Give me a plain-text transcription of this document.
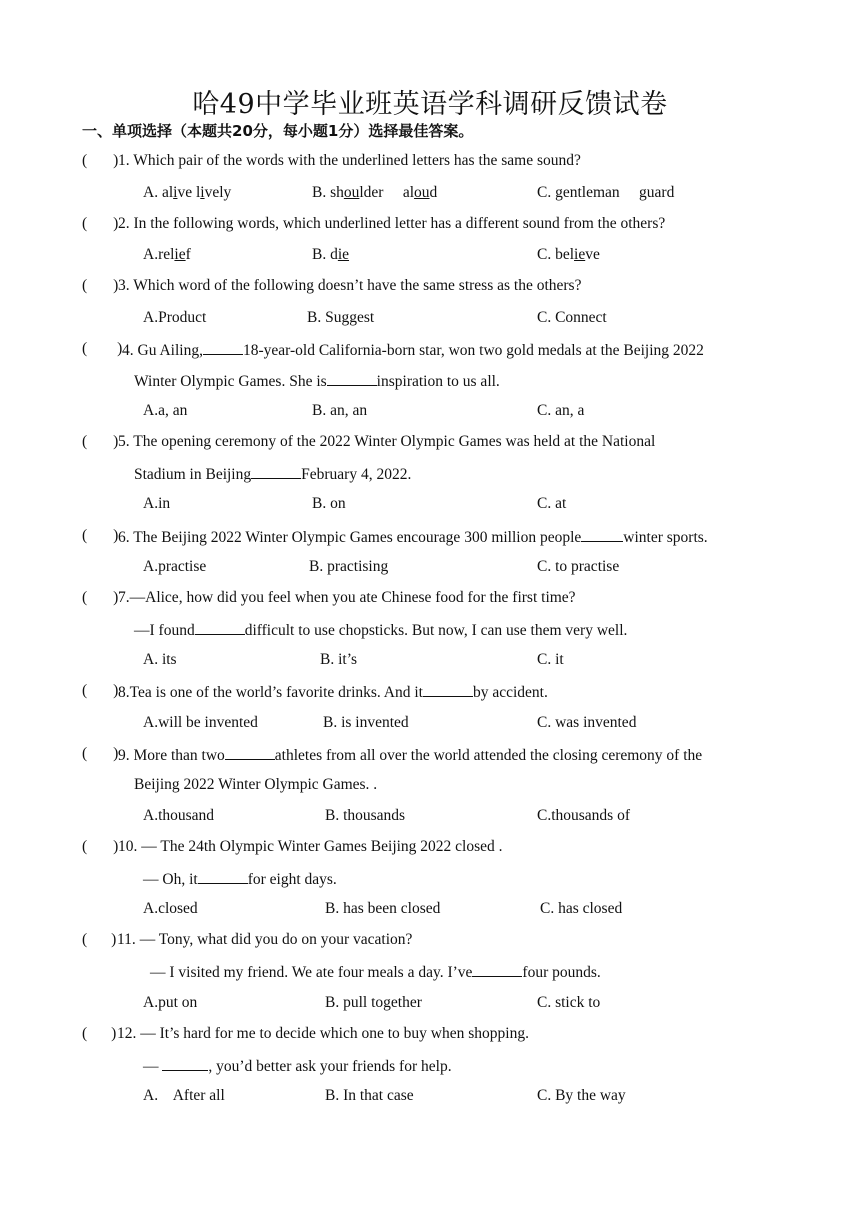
哈49中学毕业班英语学科调研反馈试卷
一、单项选择（本题共20分，每小题1分）选择最佳答案。
( ) 1. Which pair of the words with the underlined letters has the same sound?
A. alive lively	B. shoulder     aloud	C. gentleman     guard
( ) 2. In the following words, which underlined letter has a different sound from the others?
A.relief	B. die	C. believe
( ) 3. Which word of the following doesn’t have the same stress as the others?
A.Product	B. Suggest	C. Connect
( ) 4. Gu Ailing,	18-year-old California-born star, won two gold medals at the Beijing 2022
Winter Olympic Games. She is	inspiration to us all.
A.a, an	B. an, an	C. an, a
( ) 5. The opening ceremony of the 2022 Winter Olympic Games was held at the National
Stadium in Beijing	February 4, 2022.
A.in	B. on	C. at
( ) 6. The Beijing 2022 Winter Olympic Games encourage 300 million people	winter sports.
A.practise	B. practising	C. to practise
( ) 7.—Alice, how did you feel when you ate Chinese food for the first time?
—I found	difficult to use chopsticks. But now, I can use them very well.
A. its	B. it’s	C. it
( ) 8.Tea is one of the world’s favorite drinks. And it	by accident.
A.will be invented	B. is invented	C. was invented
( ) 9. More than two	athletes from all over the world attended the closing ceremony of the
Beijing 2022 Winter Olympic Games. .
A.thousand	B. thousands	C.thousands of
( ) 10. — The 24th Olympic Winter Games Beijing 2022 closed .
— Oh, it	for eight days.
A.closed	B. has been closed	C. has closed
( ) 11. — Tony, what did you do on your vacation?
— I visited my friend. We ate four meals a day. I’ve	four pounds.
A.put on	B. pull together	C. stick to
( ) 12. — It’s hard for me to decide which one to buy when shopping.
—	, you’d better ask your friends for help.
A.    After all	B. In that case	C. By the way
